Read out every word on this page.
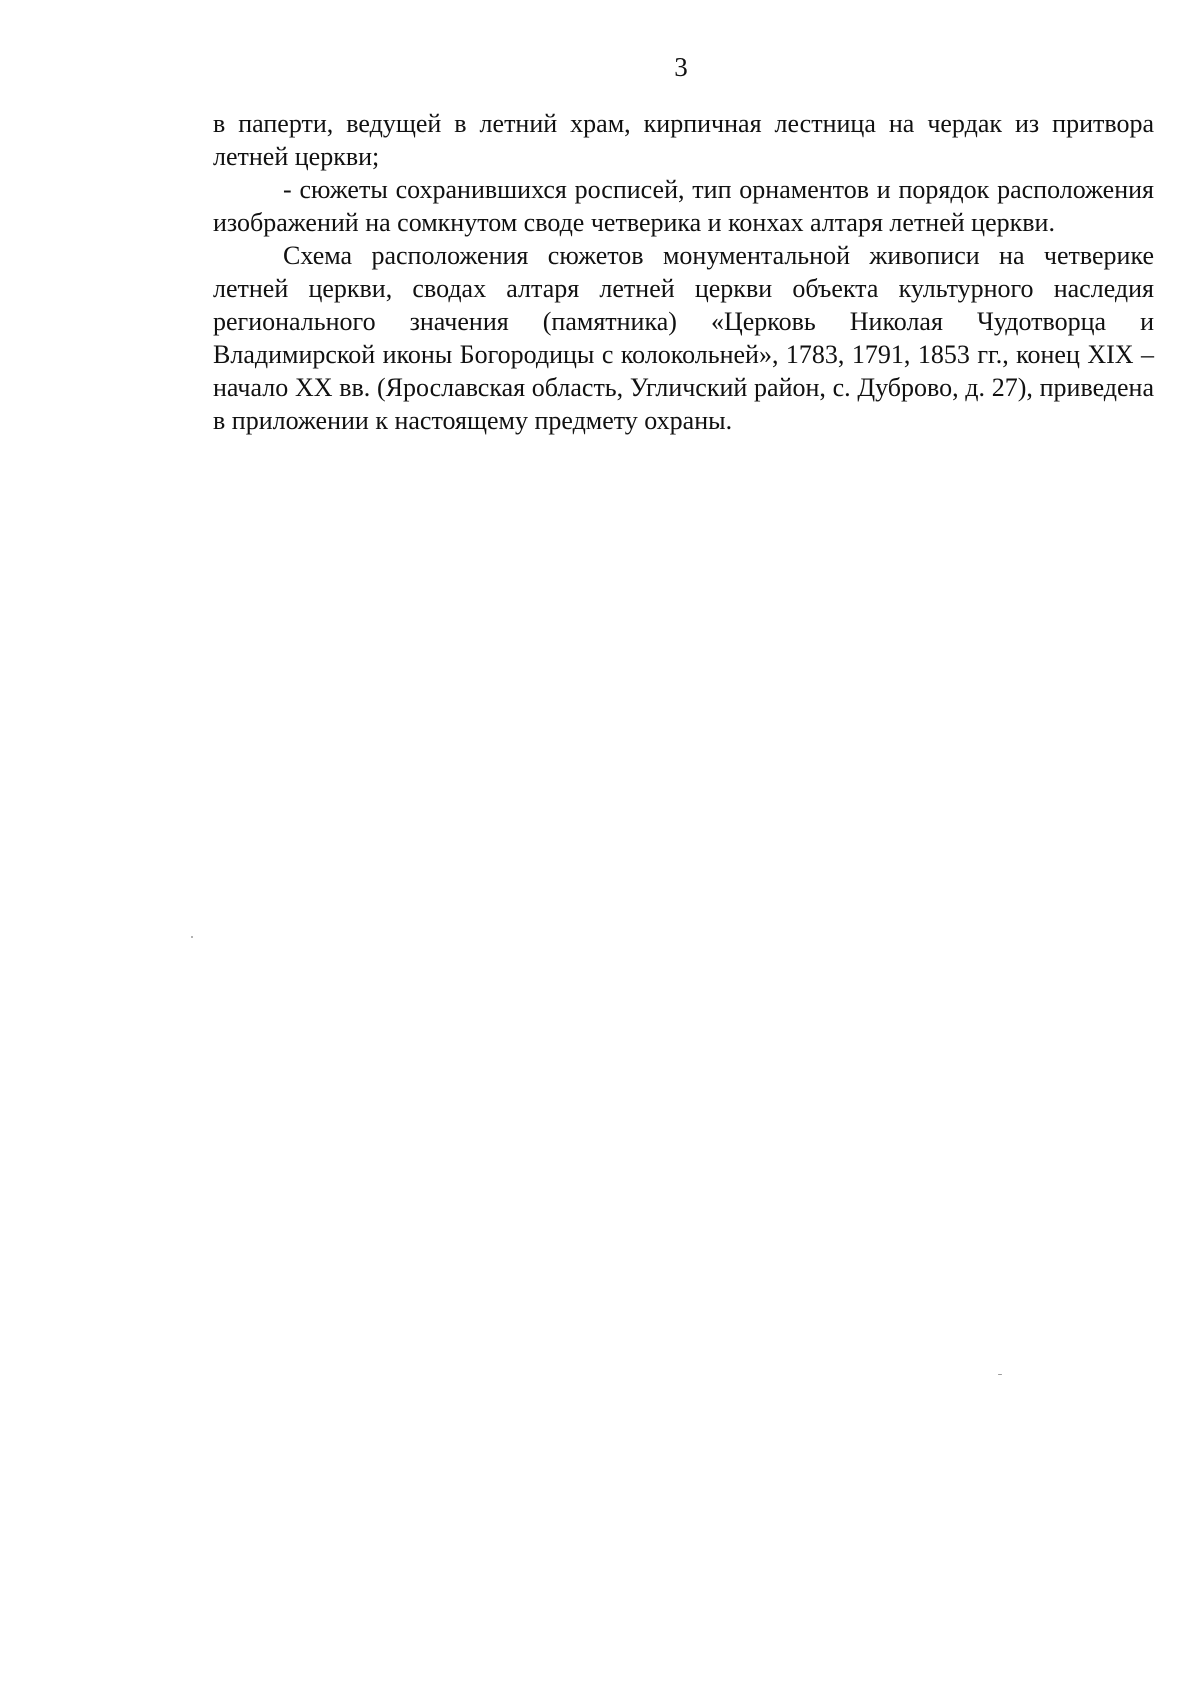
3

в паперти, ведущей в летний храм, кирпичная лестница на чердак из притвора летней церкви;

- сюжеты сохранившихся росписей, тип орнаментов и порядок расположения изображений на сомкнутом своде четверика и конхах алтаря летней церкви.

Схема расположения сюжетов монументальной живописи на четверике летней церкви, сводах алтаря летней церкви объекта культурного наследия регионального значения (памятника) «Церковь Николая Чудотворца и Владимирской иконы Богородицы с колокольней», 1783, 1791, 1853 гг., конец XIX – начало XX вв. (Ярославская область, Угличский район, с. Дуброво, д. 27), приведена в приложении к настоящему предмету охраны.
